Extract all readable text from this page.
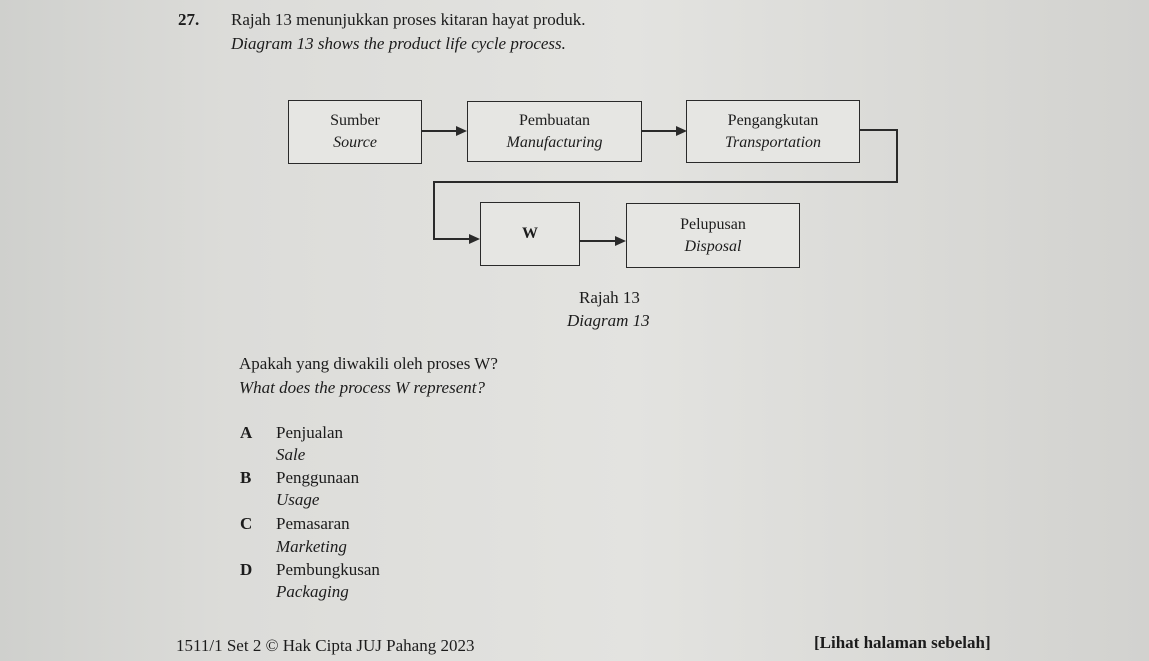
27. Rajah 13 menunjukkan proses kitaran hayat produk.
Diagram 13 shows the product life cycle process.
Sumber
Source
Pembuatan
Manufacturing
Pengangkutan
Transportation
W
Pelupusan
Disposal
Rajah 13
Diagram 13
Apakah yang diwakili oleh proses W?
What does the process W represent?
A Penjualan
Sale
B Penggunaan
Usage
C Pemasaran
Marketing
D Pembungkusan
Packaging
1511/1 Set 2 © Hak Cipta JUJ Pahang 2023	[Lihat halaman sebelah]
